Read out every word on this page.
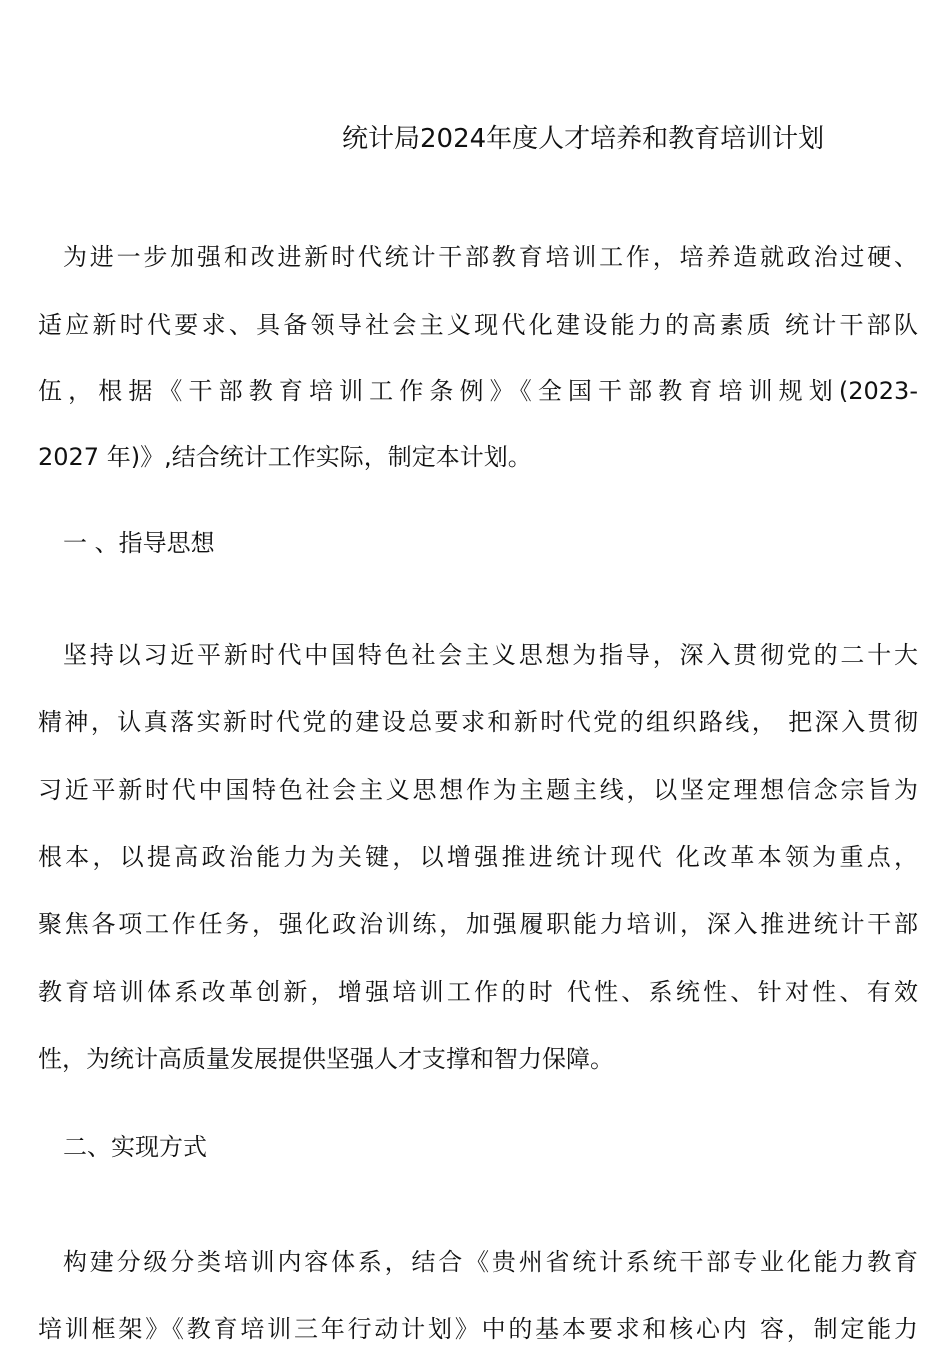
统计局2024年度人才培养和教育培训计划
为进一步加强和改进新时代统计干部教育培训工作，培养造就政治过硬、
适应新时代要求、具备领导社会主义现代化建设能力的高素质 统计干部队
伍，根据《干部教育培训工作条例》《全国干部教育培训规划(2023-
2027 年)》,结合统计工作实际，制定本计划。
一 、指导思想
坚持以习近平新时代中国特色社会主义思想为指导，深入贯彻党的二十大
精神，认真落实新时代党的建设总要求和新时代党的组织路线， 把深入贯彻
习近平新时代中国特色社会主义思想作为主题主线，以坚定理想信念宗旨为
根本，以提高政治能力为关键，以增强推进统计现代 化改革本领为重点，
聚焦各项工作任务，强化政治训练，加强履职能力培训，深入推进统计干部
教育培训体系改革创新，增强培训工作的时 代性、系统性、针对性、有效
性，为统计高质量发展提供坚强人才支撑和智力保障。
二、实现方式
构建分级分类培训内容体系，结合《贵州省统计系统干部专业化能力教育
培训框架》《教育培训三年行动计划》中的基本要求和核心内 容，制定能力
